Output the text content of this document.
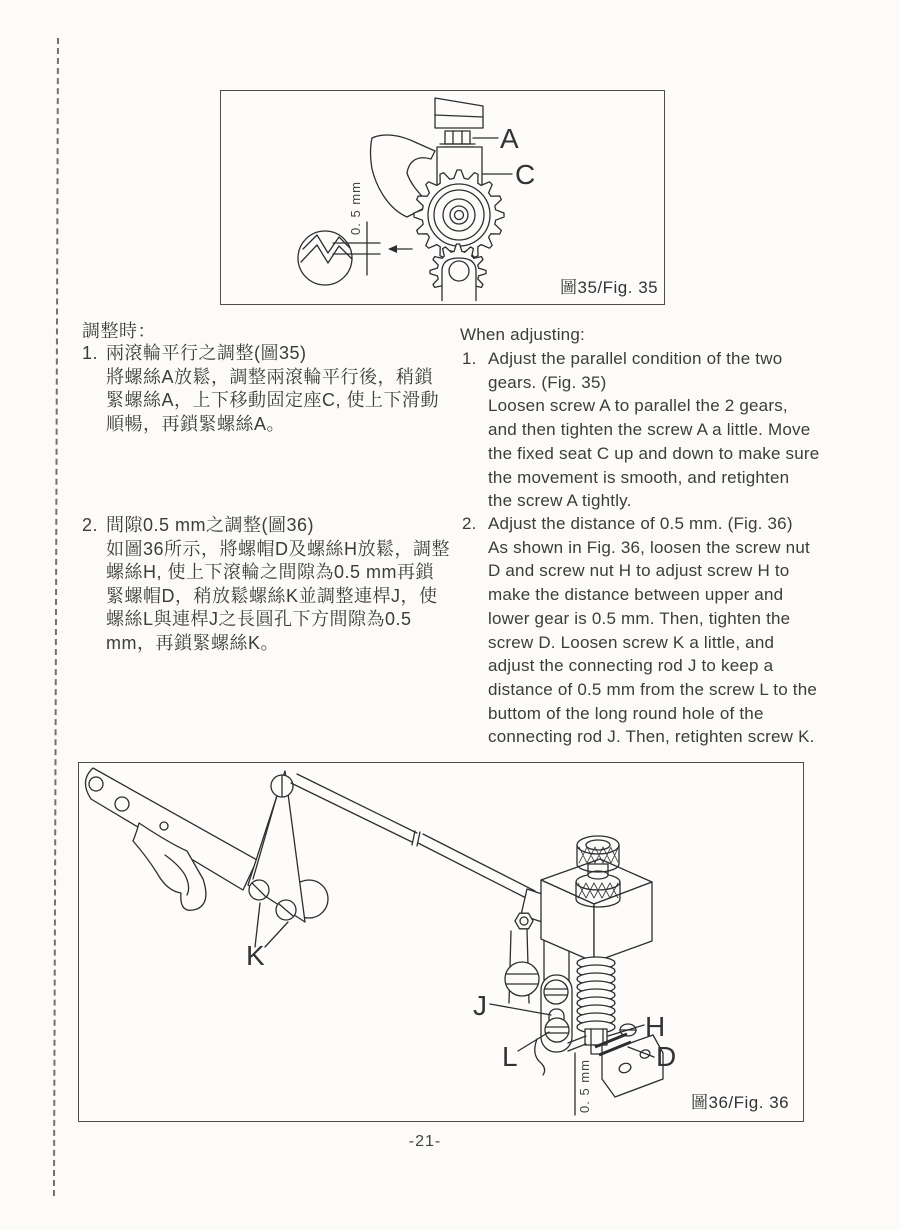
0. 5 mm
A
C
圖35/Fig. 35
調整時：
1. 兩滾輪平行之調整(圖35)
將螺絲A放鬆，調整兩滾輪平行後，稍鎖
緊螺絲A，上下移動固定座C, 使上下滑動
順暢，再鎖緊螺絲A。
2. 間隙0.5 mm之調整(圖36)
如圖36所示，將螺帽D及螺絲H放鬆，調整
螺絲H, 使上下滾輪之間隙為0.5 mm再鎖
緊螺帽D，稍放鬆螺絲K並調整連桿J，使
螺絲L與連桿J之長圓孔下方間隙為0.5
mm，再鎖緊螺絲K。
When adjusting:
1. Adjust the parallel condition of the two
gears. (Fig. 35)
Loosen screw A to parallel the 2 gears,
and then tighten the screw A a little. Move
the fixed seat C up and down to make sure
the movement is smooth, and retighten
the screw A tightly.
2. Adjust the distance of 0.5 mm. (Fig. 36)
As shown in Fig. 36, loosen the screw nut
D and screw nut H to adjust screw H to
make the distance between upper and
lower gear is 0.5 mm. Then, tighten the
screw D. Loosen screw K a little, and
adjust the connecting rod J to keep a
distance of 0.5 mm from the screw L to the
buttom of the long round hole of the
connecting rod J. Then, retighten screw K.
K
0. 5 mm
J
L
H
D
圖36/Fig. 36
-21-
